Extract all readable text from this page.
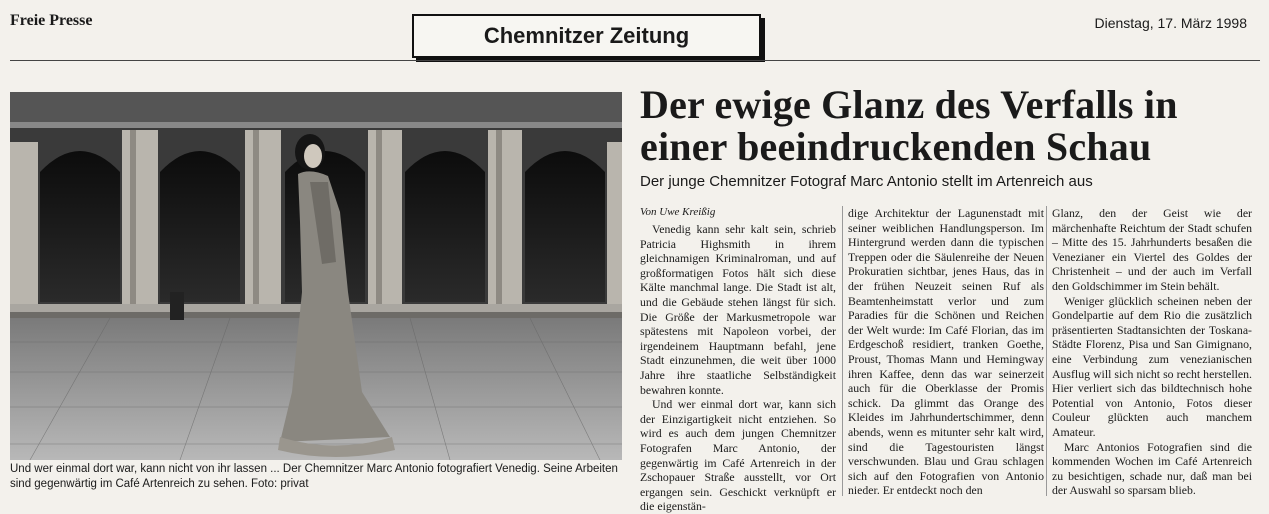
Freie Presse
Chemnitzer Zeitung	Dienstag, 17. März 1998
Und wer einmal dort war, kann nicht von ihr lassen ... Der Chemnitzer Marc Antonio fotografiert Venedig. Seine Arbeiten sind gegenwärtig im Café Artenreich zu sehen. Foto: privat
Der ewige Glanz des Verfalls in einer beeindruckenden Schau
Der junge Chemnitzer Fotograf Marc Antonio stellt im Artenreich aus
Von Uwe Kreißig

Venedig kann sehr kalt sein, schrieb Patricia Highsmith in ihrem gleichnamigen Kriminalroman, und auf großformatigen Fotos hält sich diese Kälte manchmal lange. Die Stadt ist alt, und die Gebäude stehen längst für sich. Die Größe der Markusmetropole war spätestens mit Napoleon vorbei, der irgendeinem Hauptmann befahl, jene Stadt einzunehmen, die weit über 1000 Jahre ihre staatliche Selbständigkeit bewahren konnte.

Und wer einmal dort war, kann sich der Einzigartigkeit nicht entziehen. So wird es auch dem jungen Chemnitzer Fotografen Marc Antonio, der gegenwärtig im Café Artenreich in der Zschopauer Straße ausstellt, vor Ort ergangen sein. Geschickt verknüpft er die eigenstän-

dige Architektur der Lagunenstadt mit seiner weiblichen Handlungsperson. Im Hintergrund werden dann die typischen Treppen oder die Säulenreihe der Neuen Prokuratien sichtbar, jenes Haus, das in der frühen Neuzeit seinen Ruf als Beamtenheimstatt verlor und zum Paradies für die Schönen und Reichen der Welt wurde: Im Café Florian, das im Erdgeschoß residiert, tranken Goethe, Proust, Thomas Mann und Hemingway ihren Kaffee, denn das war seinerzeit auch für die Oberklasse der Promis schick. Da glimmt das Orange des Kleides im Jahrhundertschimmer, denn abends, wenn es mitunter sehr kalt wird, sind die Tagestouristen längst verschwunden. Blau und Grau schlagen sich auf den Fotografien von Antonio nieder. Er entdeckt noch den

Glanz, den der Geist wie der märchenhafte Reichtum der Stadt schufen – Mitte des 15. Jahrhunderts besaßen die Venezianer ein Viertel des Goldes der Christenheit – und der auch im Verfall den Goldschimmer im Stein behält.

Weniger glücklich scheinen neben der Gondelpartie auf dem Rio die zusätzlich präsentierten Stadtansichten der Toskana-Städte Florenz, Pisa und San Gimignano, eine Verbindung zum venezianischen Ausflug will sich nicht so recht herstellen. Hier verliert sich das bildtechnisch hohe Potential von Antonio, Fotos dieser Couleur glückten auch manchem Amateur.

Marc Antonios Fotografien sind die kommenden Wochen im Café Artenreich zu besichtigen, schade nur, daß man bei der Auswahl so sparsam blieb.
